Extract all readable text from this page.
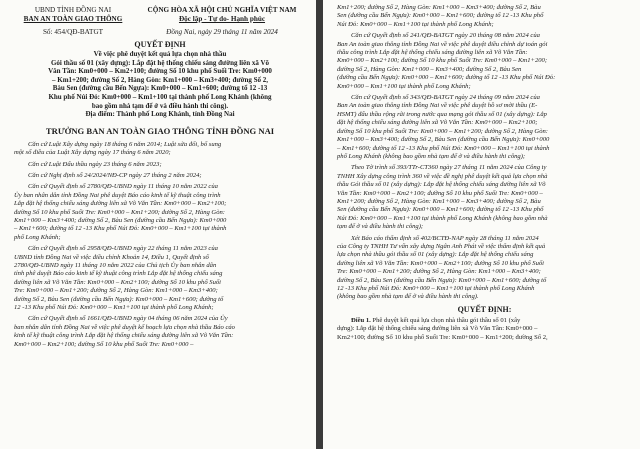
UBND TỈNH ĐỒNG NAI
BAN AN TOÀN GIAO THÔNG
Số: 454/QĐ-BATGT
CỘNG HÒA XÃ HỘI CHỦ NGHĨA VIỆT NAM
Độc lập - Tự do- Hạnh phúc
Đồng Nai, ngày 29 tháng 11 năm 2024
QUYẾT ĐỊNH
Về việc phê duyệt kết quả lựa chọn nhà thầu
Gói thầu số 01 (xây dựng): Lắp đặt hệ thống chiếu sáng đường liên xã Võ
Văn Tần: Km0+000 – Km2+100; đường Số 10 khu phố Suối Tre: Km0+000
– Km1+200; đường Số 2, Hàng Gòn: Km1+000 – Km3+400; đường Số 2,
Bàu Sen (đường cầu Bến Ngựa): Km0+000 – Km1+600; đường tổ 12 -13
Khu phố Núi Đỏ: Km0+000 – Km1+100 tại thành phố Long Khánh (không
bao gồm nhà tạm để ở và điều hành thi công).
Địa điểm: Thành phố Long Khánh, tỉnh Đồng Nai
TRƯỞNG BAN AN TOÀN GIAO THÔNG TỈNH ĐỒNG NAI

Căn cứ Luật Xây dựng ngày 18 tháng 6 năm 2014; Luật sửa đổi, bổ sung
một số điều của Luật Xây dựng ngày 17 tháng 6 năm 2020;

Căn cứ Luật Đấu thầu ngày 23 tháng 6 năm 2023;

Căn cứ Nghị định số 24/2024/NĐ-CP ngày 27 tháng 2 năm 2024;

Căn cứ Quyết định số 2780/QĐ-UBND ngày 11 tháng 10 năm 2022 của
Ủy ban nhân dân tỉnh Đồng Nai phê duyệt Báo cáo kinh tế kỹ thuật công trình
Lắp đặt hệ thống chiếu sáng đường liên xã Võ Văn Tần: Km0+000 – Km2+100;
đường Số 10 khu phố Suối Tre: Km0+000 – Km1+200; đường Số 2, Hàng Gòn:
Km1+000 – Km3+400; đường Số 2, Bàu Sen (đường cầu Bến Ngựa): Km0+000
– Km1+600; đường tổ 12 -13 Khu phố Núi Đỏ: Km0+000 – Km1+100 tại thành
phố Long Khánh;

Căn cứ Quyết định số 2958/QĐ-UBND ngày 22 tháng 11 năm 2023 của
UBND tỉnh Đồng Nai về việc điều chỉnh Khoản 14, Điều 1, Quyết định số
2780/QĐ-UBND ngày 11 tháng 10 năm 2022 của Chủ tịch Ủy ban nhân dân
tỉnh phê duyệt Báo cáo kinh tế kỹ thuật công trình Lắp đặt hệ thống chiếu sáng
đường liên xã Võ Văn Tần: Km0+000 – Km2+100; đường Số 10 khu phố Suối
Tre: Km0+000 – Km1+200; đường Số 2, Hàng Gòn: Km1+000 – Km3+400;
đường Số 2, Bàu Sen (đường cầu Bến Ngựa): Km0+000 – Km1+600; đường tổ
12 -13 Khu phố Núi Đỏ: Km0+000 – Km1+100 tại thành phố Long Khánh;

Căn cứ Quyết định số 1661/QĐ-UBND ngày 04 tháng 06 năm 2024 của Ủy
ban nhân dân tỉnh Đồng Nai về việc phê duyệt kế hoạch lựa chọn nhà thầu Báo cáo
kinh tế kỹ thuật công trình Lắp đặt hệ thống chiếu sáng đường liên xã Võ Văn Tần:
Km0+000 – Km2+100; đường Số 10 khu phố Suối Tre: Km0+000 –

Km1+200; đường Số 2, Hàng Gòn: Km1+000 – Km3+400; đường Số 2, Bàu
Sen (đường cầu Bến Ngựa): Km0+000 – Km1+600; đường tổ 12 -13 Khu phố
Núi Đỏ: Km0+000 – Km1+100 tại thành phố Long Khánh;

Căn cứ Quyết định số 241/QĐ-BATGT ngày 20 tháng 08 năm 2024 của
Ban An toàn giao thông tỉnh Đồng Nai về việc phê duyệt điều chỉnh dự toán gói
thầu công trình Lắp đặt hệ thống chiếu sáng đường liên xã Võ Văn Tần:
Km0+000 – Km2+100; đường Số 10 khu phố Suối Tre: Km0+000 – Km1+200;
đường Số 2, Hàng Gòn: Km1+000 – Km3+400; đường Số 2, Bàu Sen
(đường cầu Bến Ngựa): Km0+000 – Km1+600; đường tổ 12 -13 Khu phố Núi Đỏ:
Km0+000 – Km1+100 tại thành phố Long Khánh;

Căn cứ Quyết định số 343/QĐ-BATGT ngày 24 tháng 09 năm 2024 của
Ban An toàn giao thông tỉnh Đồng Nai về việc phê duyệt hồ sơ mời thầu (E-
HSMT) đấu thầu rộng rãi trong nước qua mạng gói thầu số 01 (xây dựng): Lắp
đặt hệ thống chiếu sáng đường liên xã Võ Văn Tần: Km0+000 – Km2+100;
đường Số 10 khu phố Suối Tre: Km0+000 – Km1+200; đường Số 2, Hàng Gòn:
Km1+000 – Km3+400; đường Số 2, Bàu Sen (đường cầu Bến Ngựa): Km0+000
– Km1+600; đường tổ 12 -13 Khu phố Núi Đỏ: Km0+000 – Km1+100 tại thành
phố Long Khánh (không bao gồm nhà tạm để ở và điều hành thi công);

Theo Tờ trình số 393/TTr-CT360 ngày 27 tháng 11 năm 2024 của Công ty
TNHH Xây dựng công trình 360 về việc đề nghị phê duyệt kết quả lựa chọn nhà
thầu Gói thầu số 01 (xây dựng): Lắp đặt hệ thống chiếu sáng đường liên xã Võ
Văn Tần: Km0+000 – Km2+100; đường Số 10 khu phố Suối Tre: Km0+000 –
Km1+200; đường Số 2, Hàng Gòn: Km1+000 – Km3+400; đường Số 2, Bàu
Sen (đường cầu Bến Ngựa): Km0+000 – Km1+600; đường tổ 12 -13 Khu phố
Núi Đỏ: Km0+000 – Km1+100 tại thành phố Long Khánh (không bao gồm nhà
tạm để ở và điều hành thi công);

Xét Báo cáo thẩm định số 402/BCTĐ-NAP ngày 28 tháng 11 năm 2024
của Công ty TNHH Tư vấn xây dựng Ngân Anh Phát về việc thẩm định kết quả
lựa chọn nhà thầu gói thầu số 01 (xây dựng): Lắp đặt hệ thống chiếu sáng
đường liên xã Võ Văn Tần: Km0+000 – Km2+100; đường Số 10 khu phố Suối
Tre: Km0+000 – Km1+200; đường Số 2, Hàng Gòn: Km1+000 – Km3+400;
đường Số 2, Bàu Sen (đường cầu Bến Ngựa): Km0+000 – Km1+600; đường tổ
12 -13 Khu phố Núi Đỏ: Km0+000 – Km1+100 tại thành phố Long Khánh
(không bao gồm nhà tạm để ở và điều hành thi công).

QUYẾT ĐỊNH:
Điều 1. Phê duyệt kết quả lựa chọn nhà thầu gói thầu số 01 (xây
dựng): Lắp đặt hệ thống chiếu sáng đường liên xã Võ Văn Tần: Km0+000 –
Km2+100; đường Số 10 khu phố Suối Tre: Km0+000 – Km1+200; đường Số 2,
